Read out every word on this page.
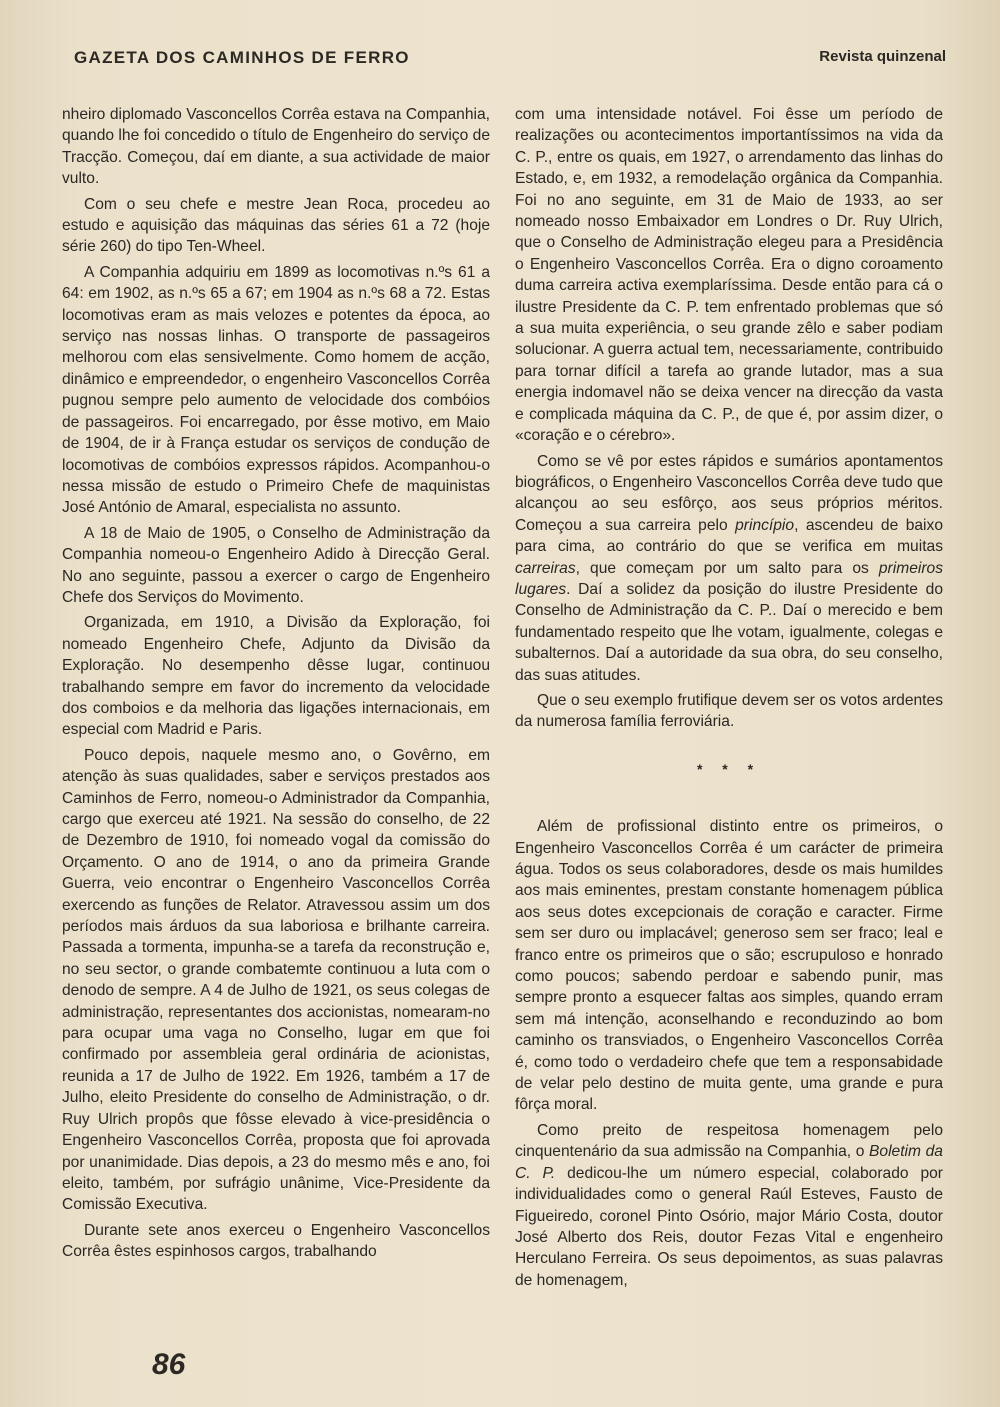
GAZETA DOS CAMINHOS DE FERRO	Revista quinzenal

nheiro diplomado Vasconcellos Corrêa estava na Companhia, quando lhe foi concedido o título de Engenheiro do serviço de Tracção. Começou, daí em diante, a sua actividade de maior vulto.

Com o seu chefe e mestre Jean Roca, procedeu ao estudo e aquisição das máquinas das séries 61 a 72 (hoje série 260) do tipo Ten-Wheel.

A Companhia adquiriu em 1899 as locomotivas n.ºs 61 a 64: em 1902, as n.ºs 65 a 67; em 1904 as n.ºs 68 a 72. Estas locomotivas eram as mais velozes e potentes da época, ao serviço nas nossas linhas. O transporte de passageiros melhorou com elas sensivelmente. Como homem de acção, dinâmico e empreendedor, o engenheiro Vasconcellos Corrêa pugnou sempre pelo aumento de velocidade dos combóios de passageiros. Foi encarregado, por êsse motivo, em Maio de 1904, de ir à França estudar os serviços de condução de locomotivas de combóios expressos rápidos. Acompanhou-o nessa missão de estudo o Primeiro Chefe de maquinistas José António de Amaral, especialista no assunto.

A 18 de Maio de 1905, o Conselho de Administração da Companhia nomeou-o Engenheiro Adido à Direcção Geral. No ano seguinte, passou a exercer o cargo de Engenheiro Chefe dos Serviços do Movimento.

Organizada, em 1910, a Divisão da Exploração, foi nomeado Engenheiro Chefe, Adjunto da Divisão da Exploração. No desempenho dêsse lugar, continuou trabalhando sempre em favor do incremento da velocidade dos comboios e da melhoria das ligações internacionais, em especial com Madrid e Paris.

Pouco depois, naquele mesmo ano, o Govêrno, em atenção às suas qualidades, saber e serviços prestados aos Caminhos de Ferro, nomeou-o Administrador da Companhia, cargo que exerceu até 1921. Na sessão do conselho, de 22 de Dezembro de 1910, foi nomeado vogal da comissão do Orçamento. O ano de 1914, o ano da primeira Grande Guerra, veio encontrar o Engenheiro Vasconcellos Corrêa exercendo as funções de Relator. Atravessou assim um dos períodos mais árduos da sua laboriosa e brilhante carreira. Passada a tormenta, impunha-se a tarefa da reconstrução e, no seu sector, o grande combatemte continuou a luta com o denodo de sempre. A 4 de Julho de 1921, os seus colegas de administração, representantes dos accionistas, nomearam-no para ocupar uma vaga no Conselho, lugar em que foi confirmado por assembleia geral ordinária de acionistas, reunida a 17 de Julho de 1922. Em 1926, também a 17 de Julho, eleito Presidente do conselho de Administração, o dr. Ruy Ulrich propôs que fôsse elevado à vice-presidência o Engenheiro Vasconcellos Corrêa, proposta que foi aprovada por unanimidade. Dias depois, a 23 do mesmo mês e ano, foi eleito, também, por sufrágio unânime, Vice-Presidente da Comissão Executiva.

Durante sete anos exerceu o Engenheiro Vasconcellos Corrêa êstes espinhosos cargos, trabalhando

com uma intensidade notável. Foi êsse um período de realizações ou acontecimentos importantíssimos na vida da C. P., entre os quais, em 1927, o arrendamento das linhas do Estado, e, em 1932, a remodelação orgânica da Companhia. Foi no ano seguinte, em 31 de Maio de 1933, ao ser nomeado nosso Embaixador em Londres o Dr. Ruy Ulrich, que o Conselho de Administração elegeu para a Presidência o Engenheiro Vasconcellos Corrêa. Era o digno coroamento duma carreira activa exemplaríssima. Desde então para cá o ilustre Presidente da C. P. tem enfrentado problemas que só a sua muita experiência, o seu grande zêlo e saber podiam solucionar. A guerra actual tem, necessariamente, contribuido para tornar difícil a tarefa ao grande lutador, mas a sua energia indomavel não se deixa vencer na direcção da vasta e complicada máquina da C. P., de que é, por assim dizer, o «coração e o cérebro».

Como se vê por estes rápidos e sumários apontamentos biográficos, o Engenheiro Vasconcellos Corrêa deve tudo que alcançou ao seu esfôrço, aos seus próprios méritos. Começou a sua carreira pelo princípio, ascendeu de baixo para cima, ao contrário do que se verifica em muitas carreiras, que começam por um salto para os primeiros lugares. Daí a solidez da posição do ilustre Presidente do Conselho de Administração da C. P.. Daí o merecido e bem fundamentado respeito que lhe votam, igualmente, colegas e subalternos. Daí a autoridade da sua obra, do seu conselho, das suas atitudes.

Que o seu exemplo frutifique devem ser os votos ardentes da numerosa família ferroviária.

* * *

Além de profissional distinto entre os primeiros, o Engenheiro Vasconcellos Corrêa é um carácter de primeira água. Todos os seus colaboradores, desde os mais humildes aos mais eminentes, prestam constante homenagem pública aos seus dotes excepcionais de coração e caracter. Firme sem ser duro ou implacável; generoso sem ser fraco; leal e franco entre os primeiros que o são; escrupuloso e honrado como poucos; sabendo perdoar e sabendo punir, mas sempre pronto a esquecer faltas aos simples, quando erram sem má intenção, aconselhando e reconduzindo ao bom caminho os transviados, o Engenheiro Vasconcellos Corrêa é, como todo o verdadeiro chefe que tem a responsabidade de velar pelo destino de muita gente, uma grande e pura fôrça moral.

Como preito de respeitosa homenagem pelo cinquentenário da sua admissão na Companhia, o Boletim da C. P. dedicou-lhe um número especial, colaborado por individualidades como o general Raúl Esteves, Fausto de Figueiredo, coronel Pinto Osório, major Mário Costa, doutor José Alberto dos Reis, doutor Fezas Vital e engenheiro Herculano Ferreira. Os seus depoimentos, as suas palavras de homenagem,

86
